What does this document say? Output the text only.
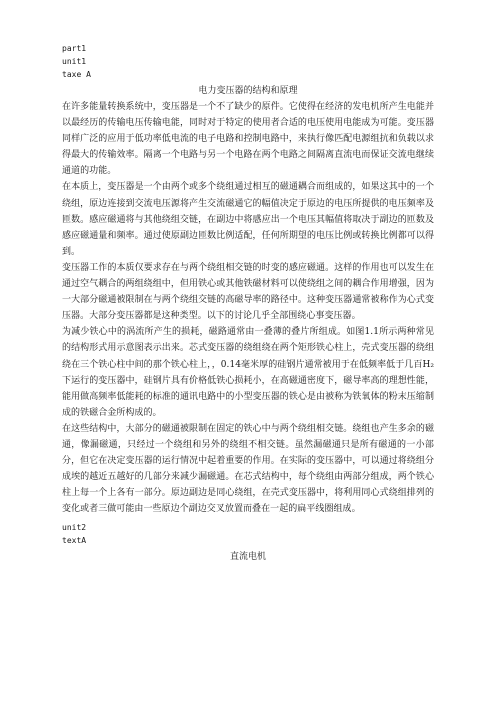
part1

unit1

taxe A

电力变压器的结构和原理

在许多能量转换系统中，变压器是一个不了缺少的原件。它使得在经济的发电机所产生电能并以最经历的传输电压传输电能，同时对于特定的使用者合适的电压使用电能成为可能。变压器同样广泛的应用于低功率低电流的电子电路和控制电路中，来执行像匹配电源组抗和负载以求得最大的传输效率。隔离一个电路与另一个电路在两个电路之间隔离直流电而保证交流电继续通道的功能。

在本质上，变压器是一个由两个或多个绕组通过相互的磁通耦合而组成的，如果这其中的一个绕组，原边连接到交流电压源将产生交流磁通它的幅值决定于原边的电压所提供的电压频率及匝数。感应磁通将与其他绕组交链，在副边中将感应出一个电压其幅值将取决于副边的匝数及感应磁通量和频率。通过使原副边匝数比例适配，任何所期望的电压比例或转换比例都可以得到。

变压器工作的本质仅要求存在与两个绕组相交链的时变的感应磁通。这样的作用也可以发生在通过空气耦合的两组绕组中，但用铁心或其他铁磁材料可以使绕组之间的耦合作用增强，因为一大部分磁通被限制在与两个绕组交链的高磁导率的路径中。这种变压器通常被称作为心式变压器。大部分变压器都是这种类型。以下的讨论几乎全部围绕心事变压器。

为减少铁心中的涡流所产生的损耗，磁路通常由一叠薄的叠片所组成。如图1.1所示两种常见的结构形式用示意图表示出来。芯式变压器的绕组绕在两个矩形铁心柱上，壳式变压器的绕组绕在三个铁心柱中间的那个铁心柱上，，0.14毫米厚的硅钢片通常被用于在低频率低于几百H₂下运行的变压器中，硅钢片具有价格低铁心损耗小，在高磁通密度下，磁导率高的理想性能，能用做高频率低能耗的标准的通讯电路中的小型变压器的铁心是由被称为铁氧体的粉末压缩制成的铁磁合金所构成的。

在这些结构中，大部分的磁通被限制在固定的铁心中与两个绕组相交链。绕组也产生多余的磁通，像漏磁通，只经过一个绕组和另外的绕组不相交链。虽然漏磁通只是所有磁通的一小部分，但它在决定变压器的运行情况中起着重要的作用。在实际的变压器中，可以通过将绕组分成埃的越近五越好的几部分来减少漏磁通。在芯式结构中，每个绕组由两部分组成，两个铁心柱上每一个上各有一部分。原边副边是同心绕组，在壳式变压器中，将利用同心式绕组排列的变化或者三做可能由一些原边个副边交叉放置而叠在一起的扁平线圈组成。

unit2

textA

直流电机
